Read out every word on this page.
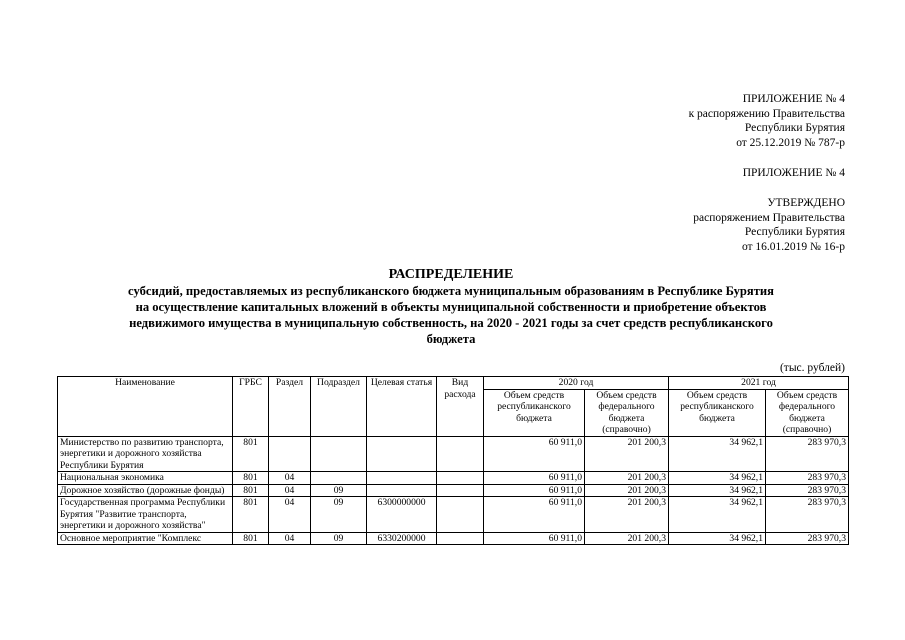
ПРИЛОЖЕНИЕ № 4
к распоряжению Правительства
Республики Бурятия
от 25.12.2019 № 787-р
ПРИЛОЖЕНИЕ № 4
УТВЕРЖДЕНО
распоряжением Правительства
Республики Бурятия
от 16.01.2019 № 16-р
РАСПРЕДЕЛЕНИЕ
субсидий, предоставляемых из республиканского бюджета муниципальным образованиям в Республике Бурятия
на осуществление капитальных вложений в объекты муниципальной собственности и приобретение объектов
недвижимого имущества в муниципальную собственность, на 2020 - 2021 годы за счет средств республиканского
бюджета
(тыс. рублей)
Наименование	ГРБС	Раздел	Подраздел	Целевая статья	Вид расхода	2020 год		2021 год	
						Объем средств республиканского бюджета	Объем средств федерального бюджета (справочно)	Объем средств республиканского бюджета	Объем средств федерального бюджета (справочно)
Министерство по развитию транспорта, энергетики и дорожного хозяйства Республики Бурятия	801					60 911,0	201 200,3	34 962,1	283 970,3
Национальная экономика	801	04				60 911,0	201 200,3	34 962,1	283 970,3
Дорожное хозяйство (дорожные фонды)	801	04	09			60 911,0	201 200,3	34 962,1	283 970,3
Государственная программа Республики Бурятия "Развитие транспорта, энергетики и дорожного хозяйства"	801	04	09	6300000000		60 911,0	201 200,3	34 962,1	283 970,3
Основное мероприятие "Комплекс	801	04	09	6330200000		60 911,0	201 200,3	34 962,1	283 970,3
